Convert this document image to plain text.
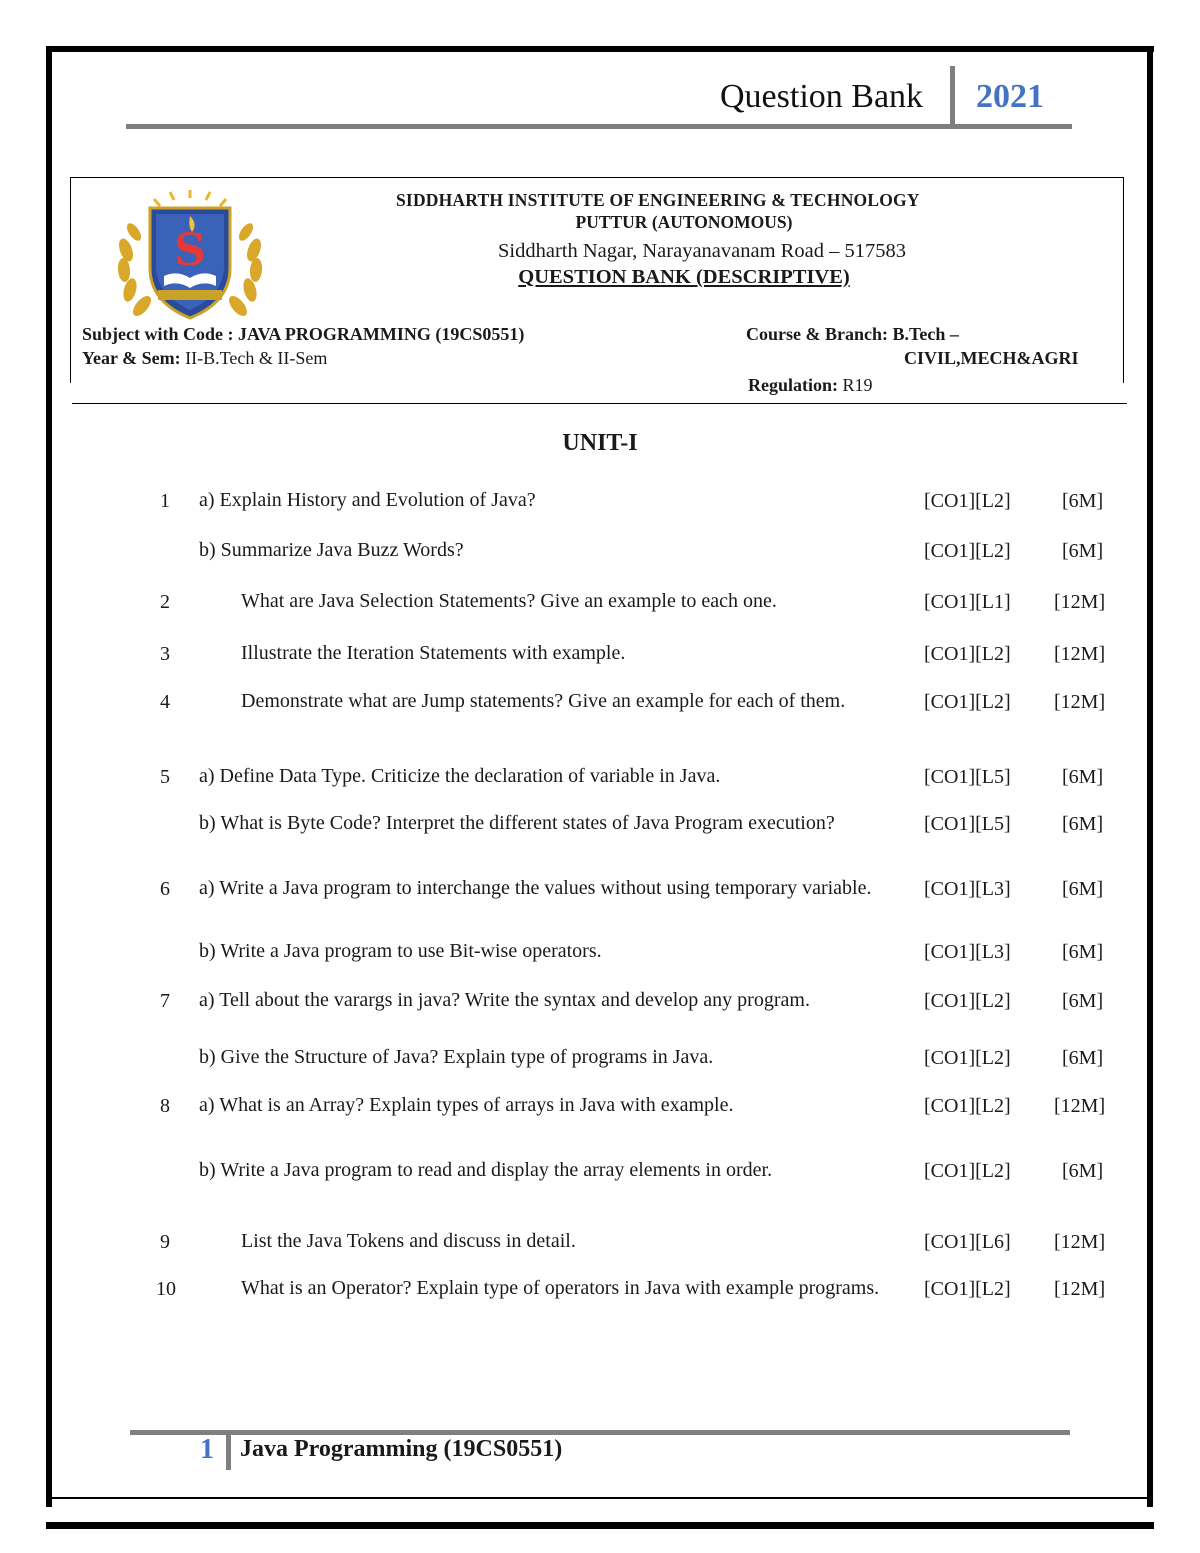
Question Bank 2021
S
SIDDHARTH INSTITUTE OF ENGINEERING & TECHNOLOGY
PUTTUR (AUTONOMOUS)
Siddharth Nagar, Narayanavanam Road – 517583
QUESTION BANK (DESCRIPTIVE)
Subject with Code : JAVA PROGRAMMING (19CS0551)
Year & Sem: II-B.Tech & II-Sem
Course & Branch: B.Tech –
CIVIL,MECH&AGRI
Regulation: R19
UNIT-I
1 a) Explain History and Evolution of Java?	[CO1][L2]	[6M]
b) Summarize Java Buzz Words?	[CO1][L2]	[6M]
2	What are Java Selection Statements? Give an example to each one.	[CO1][L1] [12M]
3	Illustrate the Iteration Statements with example.	[CO1][L2] [12M]
4	Demonstrate what are Jump statements? Give an example for each of them.	[CO1][L2] [12M]
5 a) Define Data Type. Criticize the declaration of variable in Java.	[CO1][L5]	[6M]
b) What is Byte Code? Interpret the different states of Java Program execution?	[CO1][L5]	[6M]
6 a) Write a Java program to interchange the values without using temporary variable.	[CO1][L3]	[6M]
b) Write a Java program to use Bit-wise operators.	[CO1][L3]	[6M]
7 a) Tell about the varargs in java? Write the syntax and develop any program.	[CO1][L2]	[6M]
b) Give the Structure of Java? Explain type of programs in Java.	[CO1][L2]	[6M]
8 a) What is an Array? Explain types of arrays in Java with example.	[CO1][L2] [12M]
b) Write a Java program to read and display the array elements in order.	[CO1][L2]	[6M]
9	List the Java Tokens and discuss in detail.	[CO1][L6] [12M]
10	What is an Operator? Explain type of operators in Java with example programs.	[CO1][L2] [12M]
1 Java Programming (19CS0551)
